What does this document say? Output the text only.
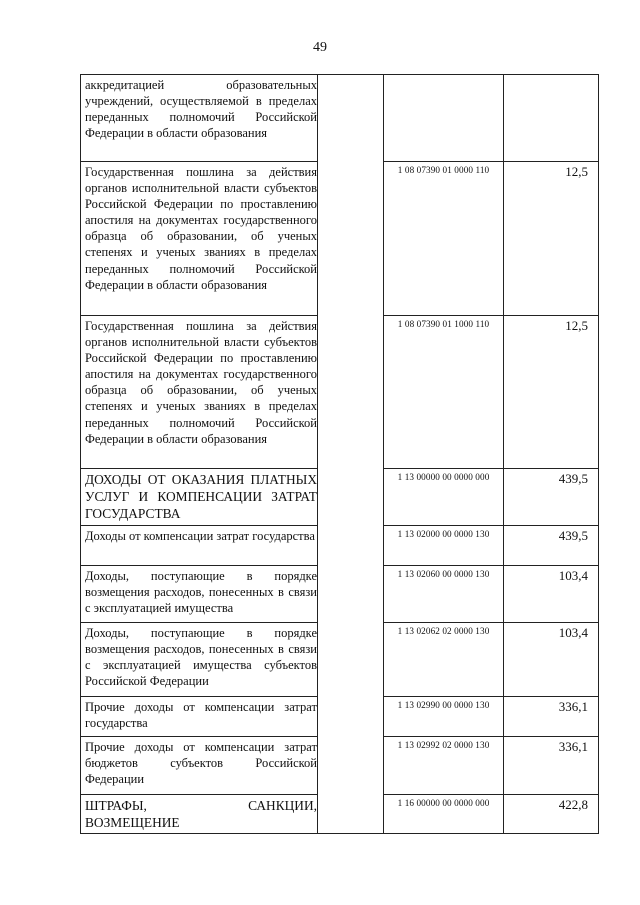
49
аккредитацией образовательных учреждений, осуществляемой в пределах переданных полномочий Российской Федерации в области образования			
Государственная пошлина за действия органов исполнительной власти субъектов Российской Федерации по проставлению апостиля на документах государственного образца об образовании, об ученых степенях и ученых званиях в пределах переданных полномочий Российской Федерации в области образования		1 08 07390 01 0000 110	12,5
Государственная пошлина за действия органов исполнительной власти субъектов Российской Федерации по проставлению апостиля на документах государственного образца об образовании, об ученых степенях и ученых званиях в пределах переданных полномочий Российской Федерации в области образования		1 08 07390 01 1000 110	12,5
ДОХОДЫ ОТ ОКАЗАНИЯ ПЛАТНЫХ УСЛУГ И КОМПЕНСАЦИИ ЗАТРАТ ГОСУДАРСТВА		1 13 00000 00 0000 000	439,5
Доходы от компенсации затрат государства		1 13 02000 00 0000 130	439,5
Доходы, поступающие в порядке возмещения расходов, понесенных в связи с эксплуатацией имущества		1 13 02060 00 0000 130	103,4
Доходы, поступающие в порядке возмещения расходов, понесенных в связи с эксплуатацией имущества субъектов Российской Федерации		1 13 02062 02 0000 130	103,4
Прочие доходы от компенсации затрат государства		1 13 02990 00 0000 130	336,1
Прочие доходы от компенсации затрат бюджетов субъектов Российской Федерации		1 13 02992 02 0000 130	336,1
ШТРАФЫ, САНКЦИИ, ВОЗМЕЩЕНИЕ		1 16 00000 00 0000 000	422,8
